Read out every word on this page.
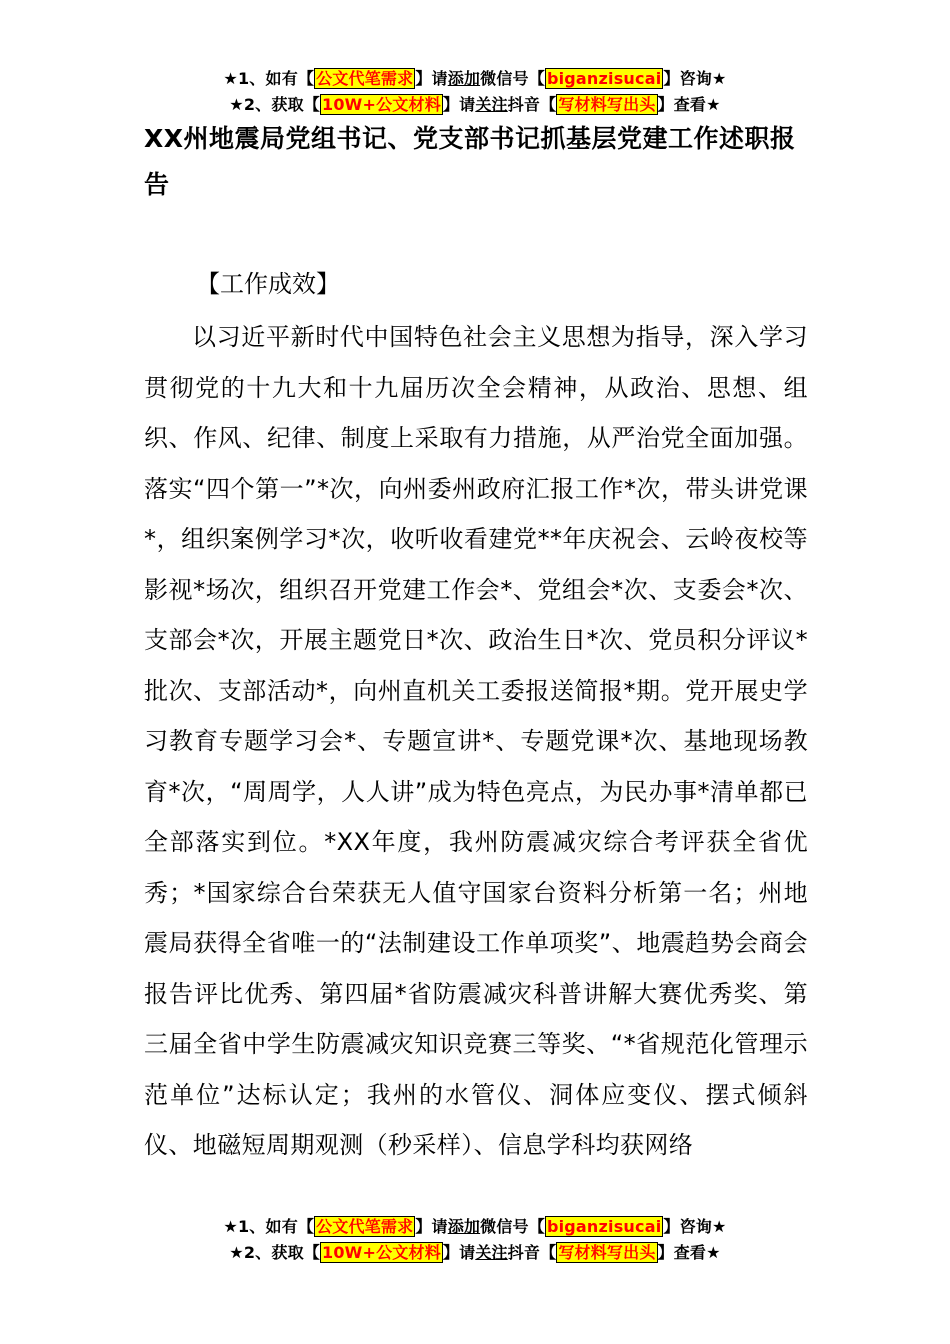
★1、如有【 公文代笔需求 】请添加微信号【 biganzisucai 】咨询★
★2、获取【 10W+公文材料 】请关注抖音【 写材料写出头 】查看★
XX州地震局党组书记、党支部书记抓基层党建工作述职报告
【工作成效】
以习近平新时代中国特色社会主义思想为指导，深入学习贯彻党的十九大和十九届历次全会精神，从政治、思想、组织、作风、纪律、制度上采取有力措施，从严治党全面加强。落实“四个第一”*次，向州委州政府汇报工作*次，带头讲党课*，组织案例学习*次，收听收看建党**年庆祝会、云岭夜校等影视*场次，组织召开党建工作会*、党组会*次、支委会*次、支部会*次，开展主题党日*次、政治生日*次、党员积分评议*批次、支部活动*，向州直机关工委报送简报*期。党开展史学习教育专题学习会*、专题宣讲*、专题党课*次、基地现场教育*次，“周周学，人人讲”成为特色亮点，为民办事*清单都已全部落实到位。*XX年度，我州防震减灾综合考评获全省优秀；*国家综合台荣获无人值守国家台资料分析第一名；州地震局获得全省唯一的“法制建设工作单项奖”、地震趋势会商会报告评比优秀、第四届*省防震减灾科普讲解大赛优秀奖、第三届全省中学生防震减灾知识竞赛三等奖、“*省规范化管理示范单位”达标认定；我州的水管仪、洞体应变仪、摆式倾斜仪、地磁短周期观测（秒采样）、信息学科均获网络
★1、如有【 公文代笔需求 】请添加微信号【 biganzisucai 】咨询★
★2、获取【 10W+公文材料 】请关注抖音【 写材料写出头 】查看★
